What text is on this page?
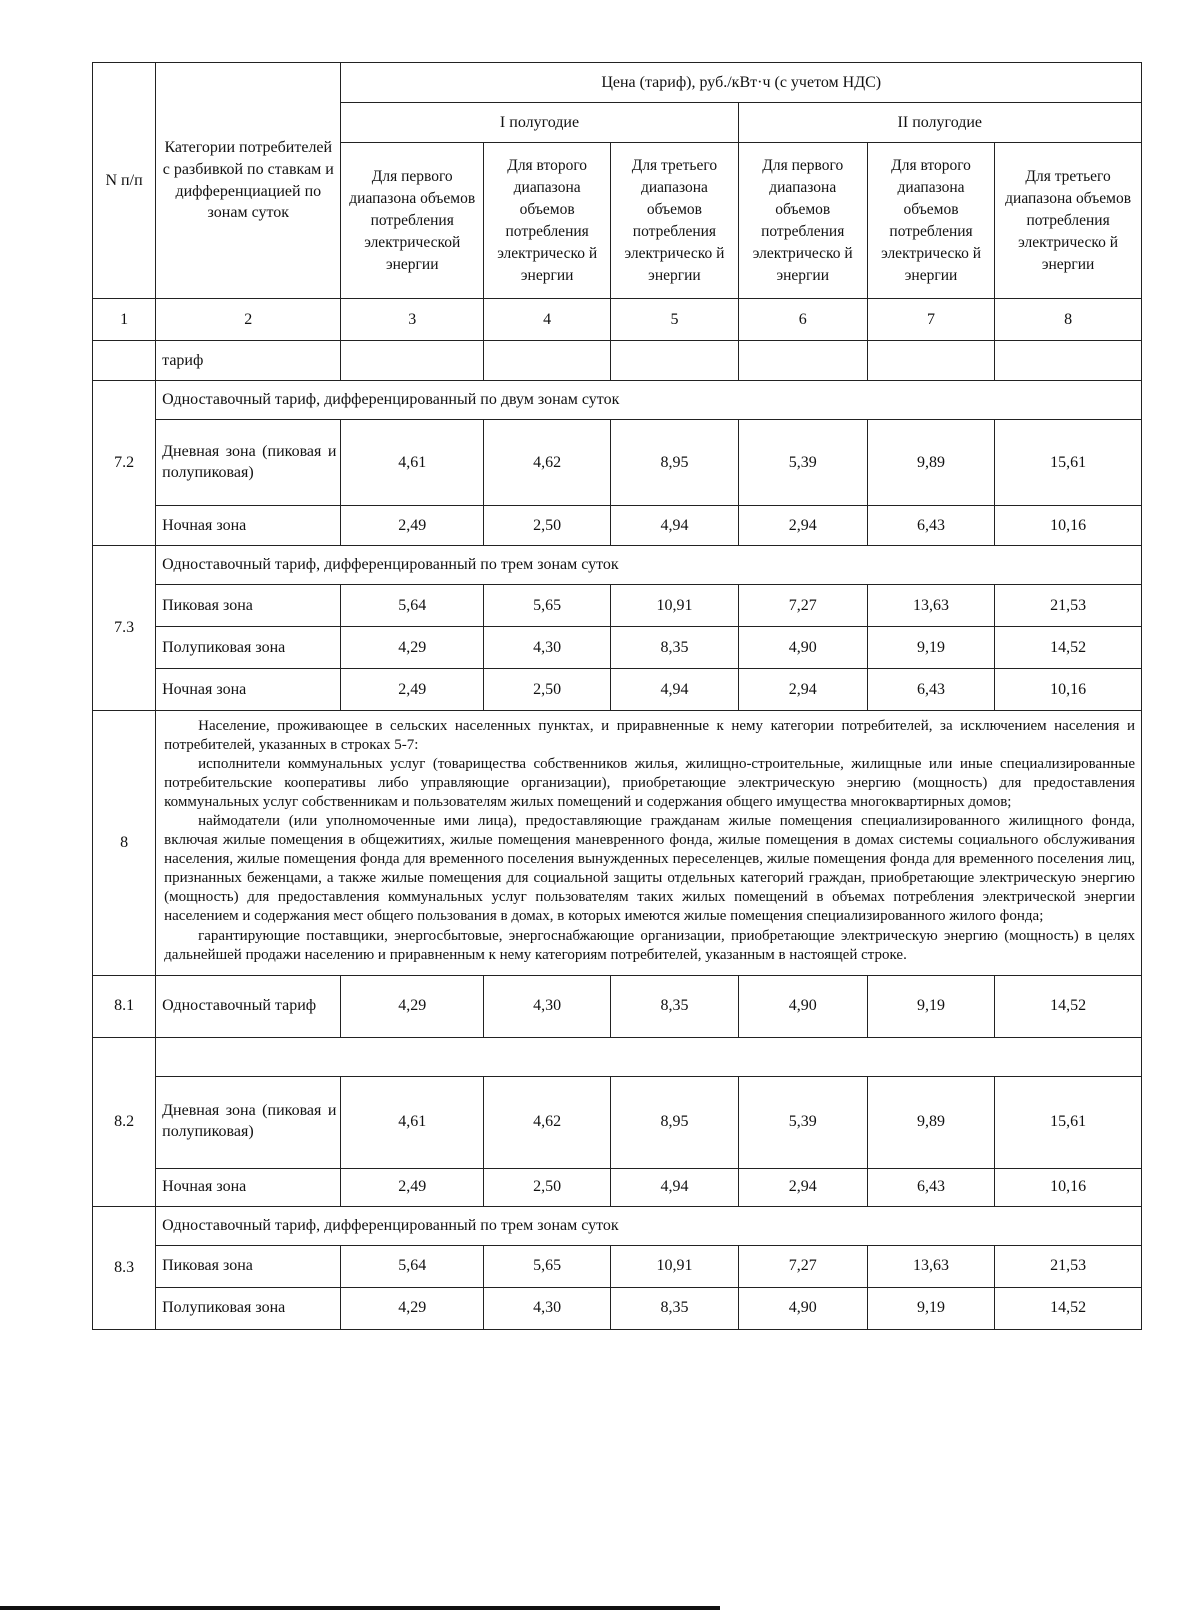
N п/п	Категории потребителей с разбивкой по ставкам и дифференциацией по зонам суток	Цена (тариф), руб./кВт·ч (с учетом НДС)					
		I полугодие			II полугодие		
		Для первого диапазона объемов потребления электрической энергии	Для второго диапазона объемов потребления электрическо й энергии	Для третьего диапазона объемов потребления электрическо й энергии	Для первого диапазона объемов потребления электрическо й энергии	Для второго диапазона объемов потребления электрическо й энергии	Для третьего диапазона объемов потребления электрическо й энергии
1	2	3	4	5	6	7	8
	тариф						
7.2	Одноставочный тариф, дифференцированный по двум зонам суток						
	Дневная зона (пиковая и полупиковая)	4,61	4,62	8,95	5,39	9,89	15,61
	Ночная зона	2,49	2,50	4,94	2,94	6,43	10,16
7.3	Одноставочный тариф, дифференцированный по трем зонам суток						
	Пиковая зона	5,64	5,65	10,91	7,27	13,63	21,53
	Полупиковая зона	4,29	4,30	8,35	4,90	9,19	14,52
	Ночная зона	2,49	2,50	4,94	2,94	6,43	10,16
8	Население, проживающее в сельских населенных пунктах, и приравненные к нему категории потребителей, за исключением населения и потребителей, указанных в строках 5-7:

исполнители коммунальных услуг (товарищества собственников жилья, жилищно-строительные, жилищные или иные специализированные потребительские кооперативы либо управляющие организации), приобретающие электрическую энергию (мощность) для предоставления коммунальных услуг собственникам и пользователям жилых помещений и содержания общего имущества многоквартирных домов;

наймодатели (или уполномоченные ими лица), предоставляющие гражданам жилые помещения специализированного жилищного фонда, включая жилые помещения в общежитиях, жилые помещения маневренного фонда, жилые помещения в домах системы социального обслуживания населения, жилые помещения фонда для временного поселения вынужденных переселенцев, жилые помещения фонда для временного поселения лиц, признанных беженцами, а также жилые помещения для социальной защиты отдельных категорий граждан, приобретающие электрическую энергию (мощность) для предоставления коммунальных услуг пользователям таких жилых помещений в объемах потребления электрической энергии населением и содержания мест общего пользования в домах, в которых имеются жилые помещения специализированного жилого фонда;

гарантирующие поставщики, энергосбытовые, энергоснабжающие организации, приобретающие электрическую энергию (мощность) в целях дальнейшей продажи населению и приравненным к нему категориям потребителей, указанным в настоящей строке.						

8.1	Одноставочный тариф	4,29	4,30	8,35	4,90	9,19	14,52
8.2							
	Дневная зона (пиковая и полупиковая)	4,61	4,62	8,95	5,39	9,89	15,61
	Ночная зона	2,49	2,50	4,94	2,94	6,43	10,16
8.3	Одноставочный тариф, дифференцированный по трем зонам суток						
	Пиковая зона	5,64	5,65	10,91	7,27	13,63	21,53
	Полупиковая зона	4,29	4,30	8,35	4,90	9,19	14,52
